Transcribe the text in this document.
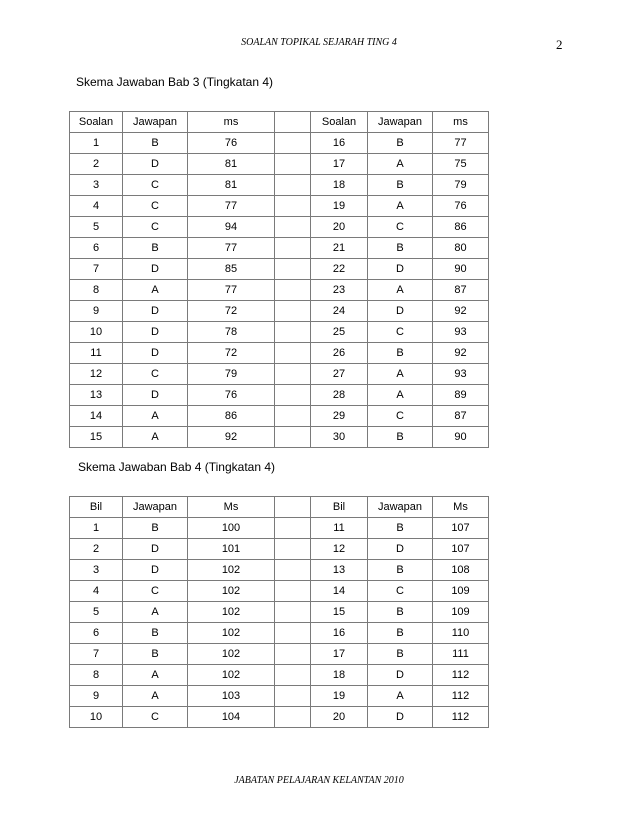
SOALAN TOPIKAL SEJARAH TING 4	2
Skema Jawaban Bab 3 (Tingkatan 4)
Soalan	Jawapan	ms		Soalan	Jawapan	ms
1	B	76		16	B	77
2	D	81		17	A	75
3	C	81		18	B	79
4	C	77		19	A	76
5	C	94		20	C	86
6	B	77		21	B	80
7	D	85		22	D	90
8	A	77		23	A	87
9	D	72		24	D	92
10	D	78		25	C	93
11	D	72		26	B	92
12	C	79		27	A	93
13	D	76		28	A	89
14	A	86		29	C	87
15	A	92		30	B	90
Skema Jawaban Bab 4 (Tingkatan 4)
Bil	Jawapan	Ms		Bil	Jawapan	Ms
1	B	100		11	B	107
2	D	101		12	D	107
3	D	102		13	B	108
4	C	102		14	C	109
5	A	102		15	B	109
6	B	102		16	B	110
7	B	102		17	B	111
8	A	102		18	D	112
9	A	103		19	A	112
10	C	104		20	D	112
JABATAN PELAJARAN KELANTAN 2010
